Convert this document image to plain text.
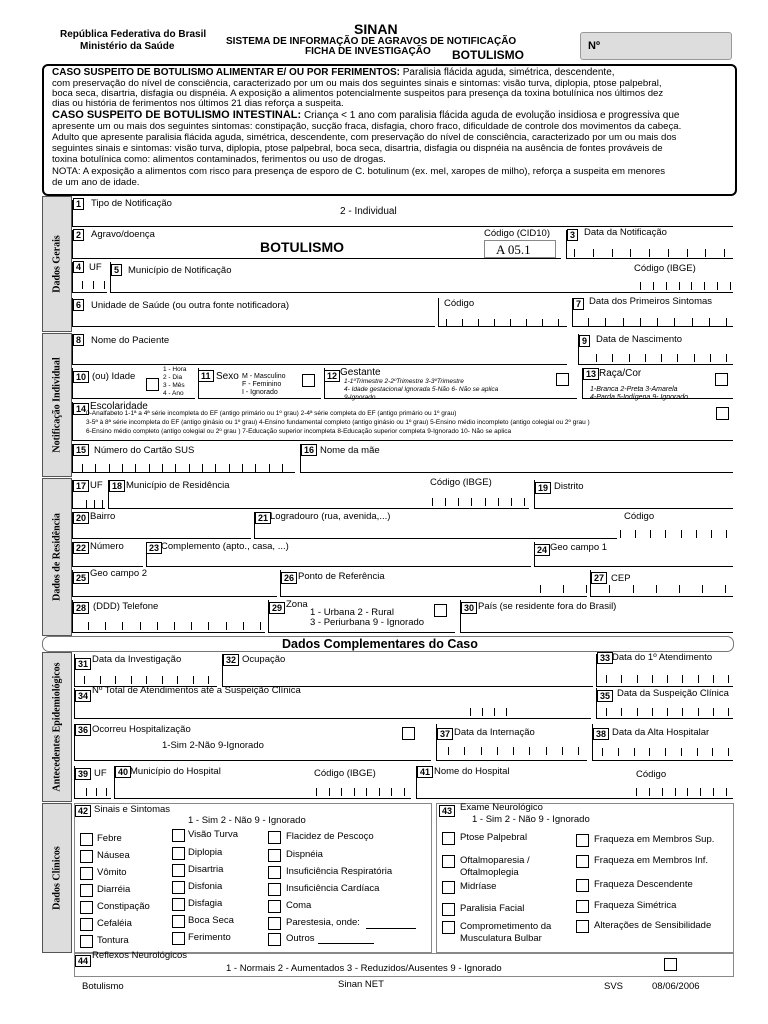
República Federativa do Brasil
Ministério da Saúde
SINAN
SISTEMA DE INFORMAÇÃO DE AGRAVOS DE NOTIFICAÇÃO
FICHA DE INVESTIGAÇÃO BOTULISMO
Nº
CASO SUSPEITO DE BOTULISMO ALIMENTAR E/ OU POR FERIMENTOS: Paralisia flácida aguda, simétrica, descendente,
com preservação do nível de consciência, caracterizado por um ou mais dos seguintes sinais e sintomas: visão turva, diplopia, ptose palpebral,
boca seca, disartria, disfagia ou dispnéia. A exposição a alimentos potencialmente suspeitos para presença da toxina botulínica nos últimos dez
dias ou história de ferimentos nos últimos 21 dias reforça a suspeita.
CASO SUSPEITO DE BOTULISMO INTESTINAL: Criança < 1 ano com paralisia flácida aguda de evolução insidiosa e progressiva que
apresente um ou mais dos seguintes sintomas: constipação, sucção fraca, disfagia, choro fraco, dificuldade de controle dos movimentos da cabeça.
Adulto que apresente paralisia flácida aguda, simétrica, descendente, com preservação do nível de consciência, caracterizado por um ou mais dos
seguintes sinais e sintomas: visão turva, diplopia, ptose palpebral, boca seca, disartria, disfagia ou dispnéia na ausência de fontes prováveis de
toxina botulínica como: alimentos contaminados, ferimentos ou uso de drogas.
NOTA: A exposição a alimentos com risco para presença de esporo de C. botulinum (ex. mel, xaropes de milho), reforça a suspeita em menores
de um ano de idade.
Dados Gerais
Notificação Individual
Dados de Residência
Antecedentes Epidemiológicos
Dados Clínicos
1	Tipo de Notificação
2 - Individual
2	Agravo/doença
BOTULISMO
Código (CID10)
A 05.1
3 Data da Notificação
4 UF	5 Município de Notificação	Código (IBGE)
6	Unidade de Saúde (ou outra fonte notificadora)	Código	7 Data dos Primeiros Sintomas
8	Nome do Paciente	9 Data de Nascimento
10 (ou) Idade
1 - Hora
2 - Dia
3 - Mês
4 - Ano
11 Sexo M - Masculino
F - Feminino
I - Ignorado
12 Gestante
1-1ºTrimestre 2-2ºTrimestre 3-3ºTrimestre
4- Idade gestacional Ignorada 5-Não 6- Não se aplica
9-Ignorado
13 Raça/Cor
1-Branca 2-Preta 3-Amarela
4-Parda 5-Indígena 9- Ignorado
14 Escolaridade
0-Analfabeto 1-1ª a 4ª série incompleta do EF (antigo primário ou 1º grau) 2-4ª série completa do EF (antigo primário ou 1º grau)
3-5ª à 8ª série incompleta do EF (antigo ginásio ou 1º grau) 4-Ensino fundamental completo (antigo ginásio ou 1º grau) 5-Ensino médio incompleto (antigo colegial ou 2º grau )
6-Ensino médio completo (antigo colegial ou 2º grau ) 7-Educação superior incompleta 8-Educação superior completa 9-Ignorado 10- Não se aplica
15 Número do Cartão SUS	16 Nome da mãe
17 UF	18 Município de Residência	Código (IBGE)	19 Distrito
20 Bairro	21 Logradouro (rua, avenida,...)	Código
22 Número	23 Complemento (apto., casa, ...)	24 Geo campo 1
25 Geo campo 2	26 Ponto de Referência	27 CEP
28 (DDD) Telefone	29 Zona
1 - Urbana 2 - Rural
3 - Periurbana 9 - Ignorado
30 País (se residente fora do Brasil)
Dados Complementares do Caso
31 Data da Investigação	32 Ocupação	33 Data do 1º Atendimento
34 Nº Total de Atendimentos até a Suspeição Clínica	35 Data da Suspeição Clínica
36 Ocorreu Hospitalização
1-Sim 2-Não 9-Ignorado
37 Data da Internação	38 Data da Alta Hospitalar
39 UF	40 Município do Hospital	Código (IBGE)	41 Nome do Hospital	Código
42 Sinais e Sintomas
1 - Sim 2 - Não 9 - Ignorado
Febre
Náusea
Vômito
Diarréia
Constipação
Cefaléia
Tontura
Visão Turva
Diplopia
Disartria
Disfonia
Disfagia
Boca Seca
Ferimento
Flacidez de Pescoço
Dispnéia
Insuficiência Respiratória
Insuficiência Cardíaca
Coma
Parestesia, onde:
Outros
43 Exame Neurológico
1 - Sim 2 - Não 9 - Ignorado
Ptose Palpebral
Oftalmoparesia /
Oftalmoplegia
Midríase
Paralisia Facial
Comprometimento da
Musculatura Bulbar
Fraqueza em Membros Sup.
Fraqueza em Membros Inf.
Fraqueza Descendente
Fraqueza Simétrica
Alterações de Sensibilidade
44 Reflexos Neurológicos
1 - Normais 2 - Aumentados 3 - Reduzidos/Ausentes 9 - Ignorado
Botulismo	Sinan NET	SVS	08/06/2006
